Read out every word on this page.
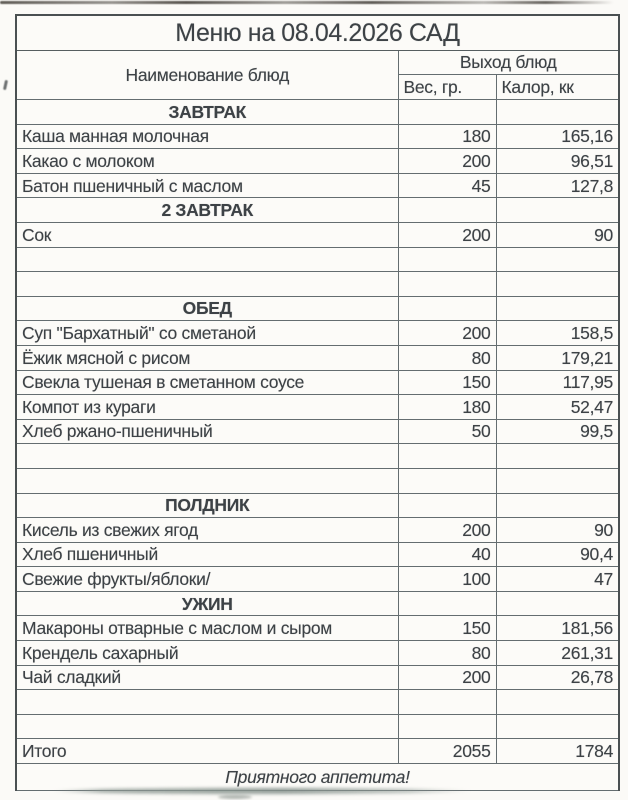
Меню на 08.04.2026 САД		
Наименование блюд	Выход блюд	
	Вес, гр.	Калор, кк
ЗАВТРАК		
Каша манная молочная	180	165,16
Какао с молоком	200	96,51
Батон пшеничный с маслом	45	127,8
2 ЗАВТРАК		
Сок	200	90

ОБЕД		
Суп "Бархатный" со сметаной	200	158,5
Ёжик мясной с рисом	80	179,21
Свекла тушеная в сметанном соусе	150	117,95
Компот из кураги	180	52,47
Хлеб ржано-пшеничный	50	99,5

ПОЛДНИК		
Кисель из свежих ягод	200	90
Хлеб пшеничный	40	90,4
Свежие фрукты/яблоки/	100	47
УЖИН		
Макароны отварные с маслом и сыром	150	181,56
Крендель сахарный	80	261,31
Чай сладкий	200	26,78

Итого	2055	1784
Приятного аппетита!		
